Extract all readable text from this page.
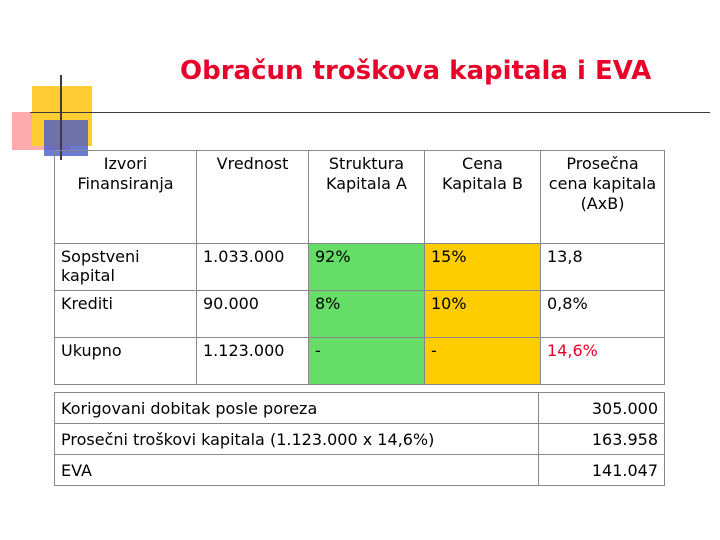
Obračun troškova kapitala i EVA
Izvori Finansiranja	Vrednost	Struktura Kapitala A	Cena Kapitala B	Prosečna cena kapitala (AxB)
Sopstveni kapital	1.033.000	92%	15%	13,8
Krediti	90.000	8%	10%	0,8%
Ukupno	1.123.000	-	-	14,6%
Korigovani dobitak posle poreza	305.000
Prosečni troškovi kapitala (1.123.000 x 14,6%)	163.958
EVA	141.047
